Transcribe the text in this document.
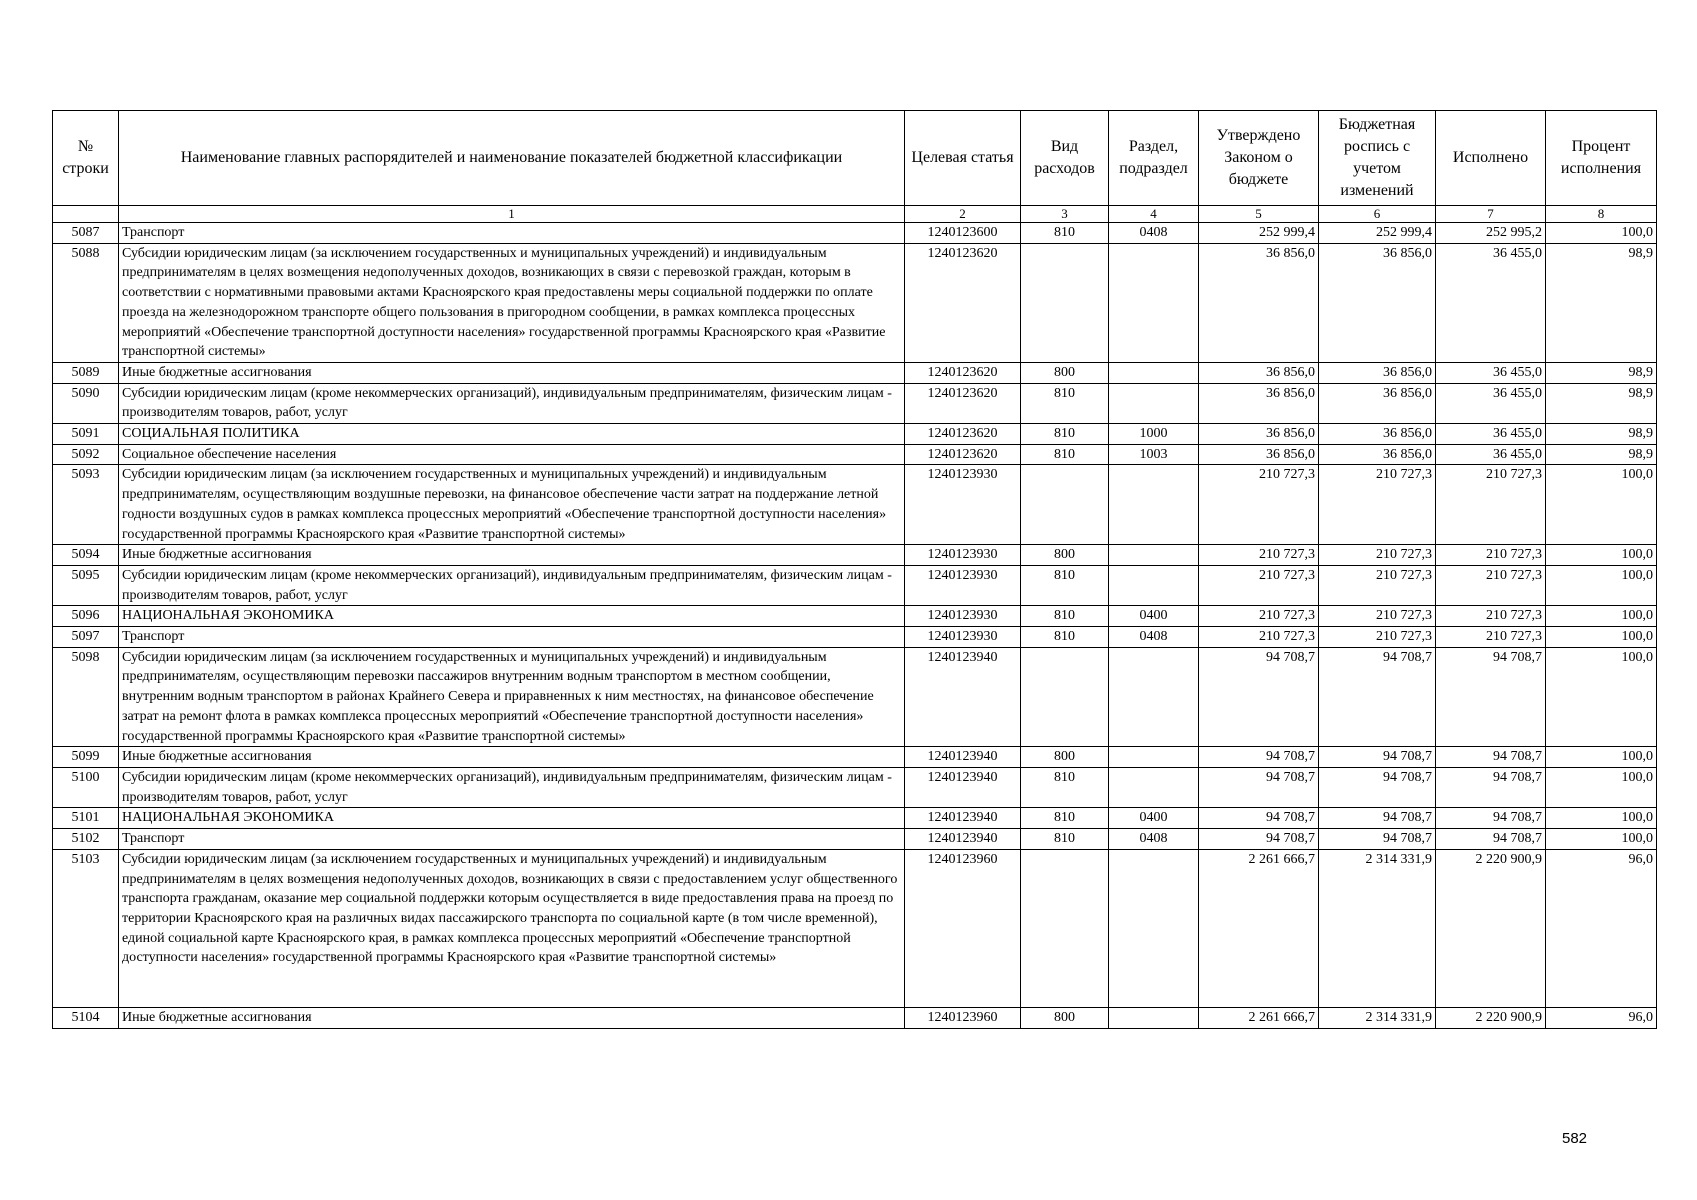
№ строки	Наименование главных распорядителей и наименование показателей бюджетной классификации	Целевая статья	Вид расходов	Раздел, подраздел	Утверждено Законом о бюджете	Бюджетная роспись с учетом изменений	Исполнено	Процент исполнения
	1	2	3	4	5	6	7	8
5087	Транспорт	1240123600	810	0408	252 999,4	252 999,4	252 995,2	100,0
5088	Субсидии юридическим лицам (за исключением государственных и муниципальных учреждений) и индивидуальным предпринимателям в целях возмещения недополученных доходов, возникающих в связи с перевозкой граждан, которым в соответствии с нормативными правовыми актами Красноярского края предоставлены меры социальной поддержки по оплате проезда на железнодорожном транспорте общего пользования в пригородном сообщении, в рамках комплекса процессных мероприятий «Обеспечение транспортной доступности населения» государственной программы Красноярского края «Развитие транспортной системы»	1240123620			36 856,0	36 856,0	36 455,0	98,9
5089	Иные бюджетные ассигнования	1240123620	800		36 856,0	36 856,0	36 455,0	98,9
5090	Субсидии юридическим лицам (кроме некоммерческих организаций), индивидуальным предпринимателям, физическим лицам - производителям товаров, работ, услуг	1240123620	810		36 856,0	36 856,0	36 455,0	98,9
5091	СОЦИАЛЬНАЯ ПОЛИТИКА	1240123620	810	1000	36 856,0	36 856,0	36 455,0	98,9
5092	Социальное обеспечение населения	1240123620	810	1003	36 856,0	36 856,0	36 455,0	98,9
5093	Субсидии юридическим лицам (за исключением государственных и муниципальных учреждений) и индивидуальным предпринимателям, осуществляющим воздушные перевозки, на финансовое обеспечение части затрат на поддержание летной годности воздушных судов в рамках комплекса процессных мероприятий «Обеспечение транспортной доступности населения» государственной программы Красноярского края «Развитие транспортной системы»	1240123930			210 727,3	210 727,3	210 727,3	100,0
5094	Иные бюджетные ассигнования	1240123930	800		210 727,3	210 727,3	210 727,3	100,0
5095	Субсидии юридическим лицам (кроме некоммерческих организаций), индивидуальным предпринимателям, физическим лицам - производителям товаров, работ, услуг	1240123930	810		210 727,3	210 727,3	210 727,3	100,0
5096	НАЦИОНАЛЬНАЯ ЭКОНОМИКА	1240123930	810	0400	210 727,3	210 727,3	210 727,3	100,0
5097	Транспорт	1240123930	810	0408	210 727,3	210 727,3	210 727,3	100,0
5098	Субсидии юридическим лицам (за исключением государственных и муниципальных учреждений) и индивидуальным предпринимателям, осуществляющим перевозки пассажиров внутренним водным транспортом в местном сообщении, внутренним водным транспортом в районах Крайнего Севера и приравненных к ним местностях, на финансовое обеспечение затрат на ремонт флота в рамках комплекса процессных мероприятий «Обеспечение транспортной доступности населения» государственной программы Красноярского края «Развитие транспортной системы»	1240123940			94 708,7	94 708,7	94 708,7	100,0
5099	Иные бюджетные ассигнования	1240123940	800		94 708,7	94 708,7	94 708,7	100,0
5100	Субсидии юридическим лицам (кроме некоммерческих организаций), индивидуальным предпринимателям, физическим лицам - производителям товаров, работ, услуг	1240123940	810		94 708,7	94 708,7	94 708,7	100,0
5101	НАЦИОНАЛЬНАЯ ЭКОНОМИКА	1240123940	810	0400	94 708,7	94 708,7	94 708,7	100,0
5102	Транспорт	1240123940	810	0408	94 708,7	94 708,7	94 708,7	100,0
5103	Субсидии юридическим лицам (за исключением государственных и муниципальных учреждений) и индивидуальным предпринимателям в целях возмещения недополученных доходов, возникающих в связи с предоставлением услуг общественного транспорта гражданам, оказание мер социальной поддержки которым осуществляется в виде предоставления права на проезд по территории Красноярского края на различных видах пассажирского транспорта по социальной карте (в том числе временной), единой социальной карте Красноярского края, в рамках комплекса процессных мероприятий «Обеспечение транспортной доступности населения» государственной программы Красноярского края «Развитие транспортной системы»	1240123960			2 261 666,7	2 314 331,9	2 220 900,9	96,0
5104	Иные бюджетные ассигнования	1240123960	800		2 261 666,7	2 314 331,9	2 220 900,9	96,0
582
